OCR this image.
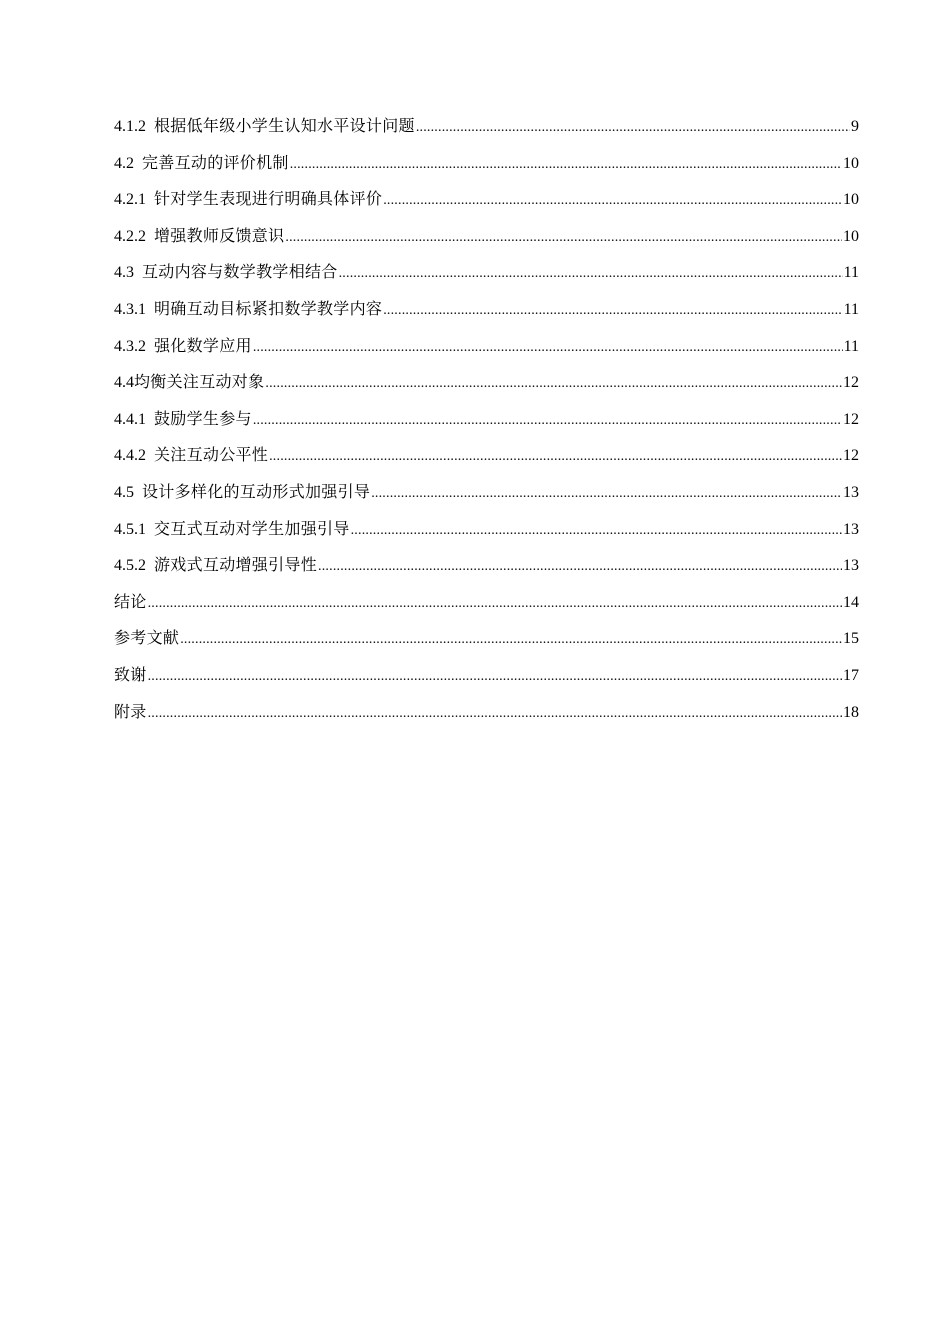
4.1.2 根据低年级小学生认知水平设计问题 .....	9
4.2 完善互动的评价机制 .....	10
4.2.1 针对学生表现进行明确具体评价 .....	10
4.2.2 增强教师反馈意识 .....	10
4.3 互动内容与数学教学相结合 .....	11
4.3.1 明确互动目标紧扣数学教学内容 .....	11
4.3.2 强化数学应用 .....	11
4.4均衡关注互动对象 .....	12
4.4.1 鼓励学生参与 .....	12
4.4.2 关注互动公平性 .....	12
4.5 设计多样化的互动形式加强引导 .....	13
4.5.1 交互式互动对学生加强引导 .....	13
4.5.2 游戏式互动增强引导性 .....	13
结论 .....	14
参考文献 .....	15
致谢 .....	17
附录 .....	18
